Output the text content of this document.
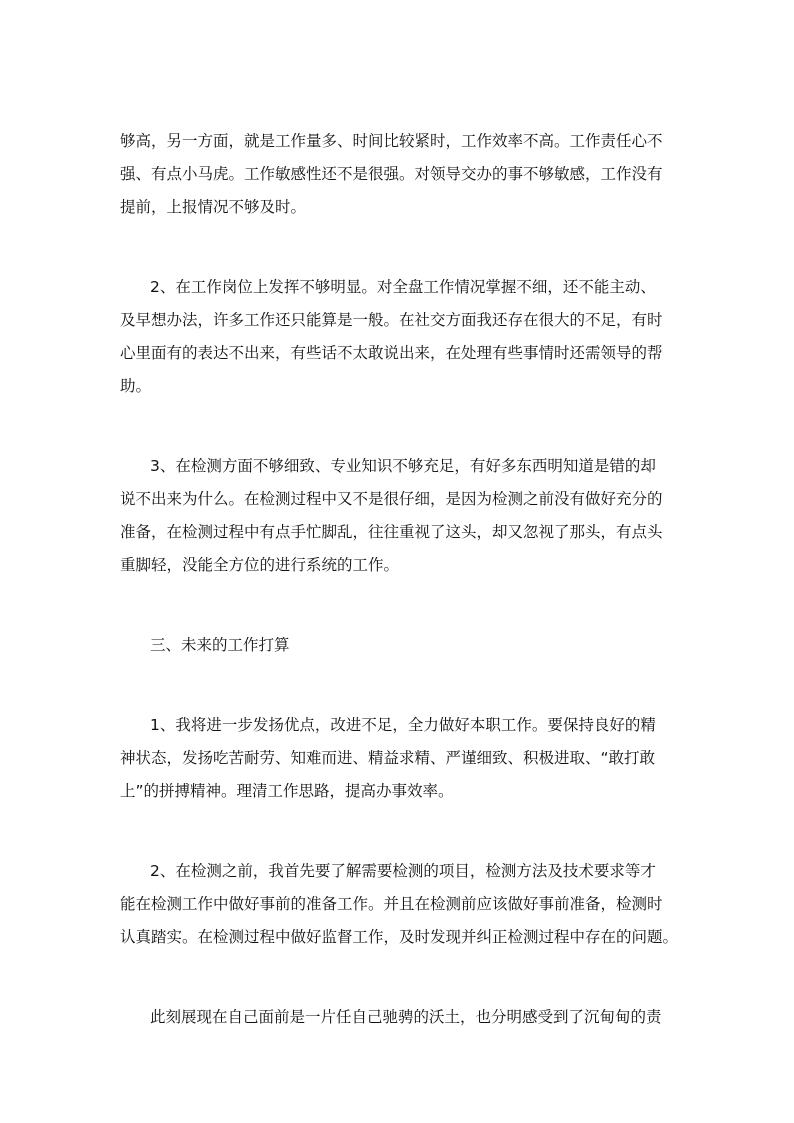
够高，另一方面，就是工作量多、时间比较紧时，工作效率不高。工作责任心不
强、有点小马虎。工作敏感性还不是很强。对领导交办的事不够敏感，工作没有
提前，上报情况不够及时。
2、在工作岗位上发挥不够明显。对全盘工作情况掌握不细，还不能主动、
及早想办法，许多工作还只能算是一般。在社交方面我还存在很大的不足，有时
心里面有的表达不出来，有些话不太敢说出来，在处理有些事情时还需领导的帮
助。
3、在检测方面不够细致、专业知识不够充足，有好多东西明知道是错的却
说不出来为什么。在检测过程中又不是很仔细，是因为检测之前没有做好充分的
准备，在检测过程中有点手忙脚乱，往往重视了这头，却又忽视了那头，有点头
重脚轻，没能全方位的进行系统的工作。
三、未来的工作打算
1、我将进一步发扬优点，改进不足，全力做好本职工作。要保持良好的精
神状态，发扬吃苦耐劳、知难而进、精益求精、严谨细致、积极进取、“敢打敢
上”的拼搏精神。理清工作思路，提高办事效率。
2、在检测之前，我首先要了解需要检测的项目，检测方法及技术要求等才
能在检测工作中做好事前的准备工作。并且在检测前应该做好事前准备，检测时
认真踏实。在检测过程中做好监督工作，及时发现并纠正检测过程中存在的问题。
此刻展现在自己面前是一片任自己驰骋的沃土，也分明感受到了沉甸甸的责
